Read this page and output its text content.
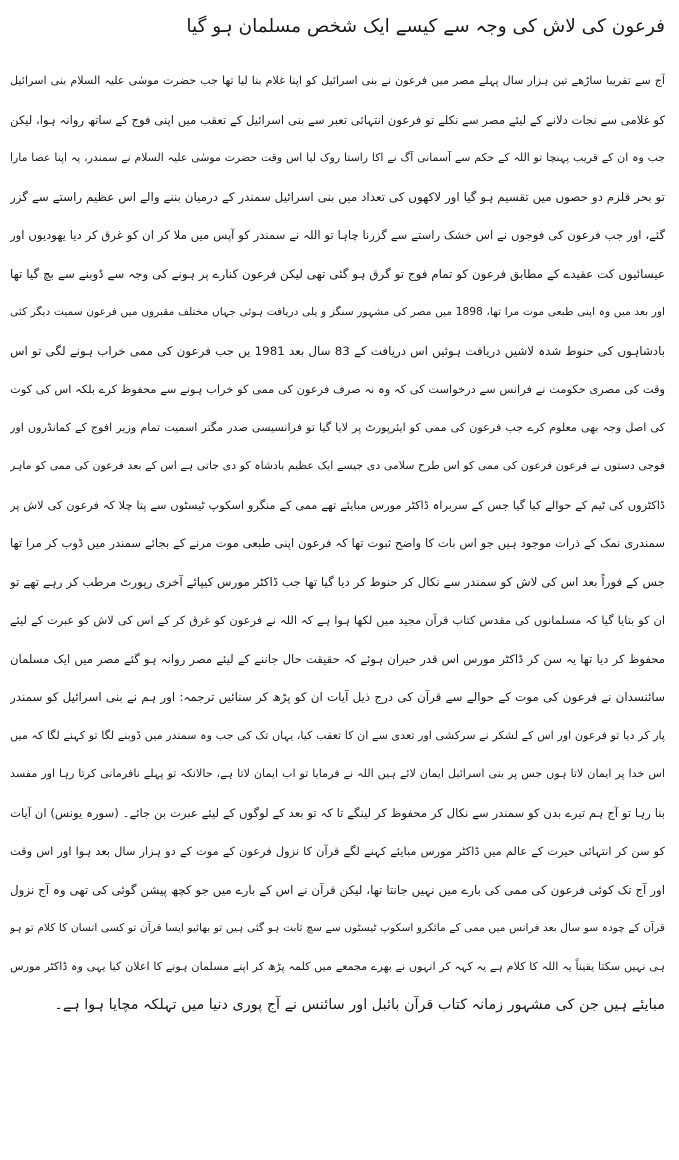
فرعون کی لاش کی وجہ سے کیسے ایک شخص مسلمان ہو گیا
آج سے تقریبا ساڑھے تین ہزار سال پہلے مصر میں فرعون نے بنی اسرائیل کو اپنا غلام بنا لیا تھا جب حضرت موسٰی علیہ السلام بنی اسرائیل
کو غلامی سے نجات دلانے کے لیئے مصر سے نکلے تو فرعون انتہائی تعبر سے بنی اسرائیل کے تعقب میں اپنی فوج کے ساتھ روانہ ہوا، لیکن
جب وہ ان کے قریب پہنچا تو اللہ کے حکم سے آسمانی آگ نے اکا راستا روک لیا اس وقت حضرت موسٰی علیہ السلام نے سمندر، پہ اپنا عصا مارا
تو بحر قلزم دو حصوں میں تقسیم ہو گیا اور لاکھوں کی تعداد میں بنی اسرائیل سمندر کے درمیان بننے والے اس عظیم راستے سے گزر
گئے، اور جب فرعون کی فوجوں نے اس خشک راستے سے گزرنا چاہا تو اللہ نے سمندر کو آپس میں ملا کر ان کو غرق کر دیا یھودیوں اور
عیسائیوں کت عقیدے کے مطابق فرعون کو تمام فوج تو گرق ہو گئی تھی لیکن فرعون کنارے پر ہونے کی وجہ سے ڈوبنے سے بچ گیا تھا
اور بعد میں وہ اپنی طبعی موت مرا تھا، 1898 میں مصر کی مشہور سنگز و یلی دریافت ہوئی جہاں مختلف مقبروں میں فرعون سمیت دیگر کئی
بادشاہوں کی حنوط شدہ لاشیں دریافت ہوئیں اس دریافت کے 83 سال بعد 1981 یں جب فرعون کی ممی خراب ہونے لگی تو اس
وقت کی مصری حکومت نے فرانس سے درخواست کی کہ وہ نہ صرف فرعون کی ممی کو خراب ہونے سے محفوظ کرے بلکہ اس کی کوت
کی اصل وجہ بھی معلوم کرے جب فرعون کی ممی کو ایئرپورٹ پر لایا گیا تو فرانسیسی صدر مگتر اسمیت تمام وزیر افوج کے کمانڈروں اور
فوجی دستوں نے فرعون فرعون کی ممی کو اس طرح سلامی دی جیسے ایک عظیم بادشاہ کو دی جاتی ہے اس کے بعد فرعون کی ممی کو ماہر
ڈاکٹروں کی ٹیم کے حوالے کیا گیا جس کے سربراہ ڈاکٹر مورس مبایئے تھے ممی کے منگرو اسکوپ ٹیسٹوں سے پتا چلا کہ فرعون کی لاش پر
سمندری نمک کے ذرات موجود ہیں جو اس بات کا واضح ثبوت تھا کہ فرعون اپنی طبعی موت مرنے کے بجائے سمندر میں ڈوب کر مرا تھا
جس کے فوراً بعد اس کی لاش کو سمندر سے نکال کر حنوط کر دیا گیا تھا جب ڈاکٹر مورس کیپائے آخری رپورٹ مرطب کر رہے تھے تو
ان کو بتایا گیا کہ مسلمانوں کی مقدس کتاب قرآن مجید میں لکھا ہوا ہے کہ اللہ نے فرعون کو غرق کر کے اس کی لاش کو عبرت کے لیئے
محفوظ کر دیا تھا یہ سن کر ڈاکٹر مورس اس قدر حیران ہوئے کہ حقیقت حال جاننے کے لیئے مصر روانہ ہو گئے مصر میں ایک مسلمان
سائنسدان نے فرعون کی موت کے حوالے سے قرآن کی درج ذیل آیات ان کو پڑھ کر سنائیں ترجمہ: اور ہم نے بنی اسرائیل کو سمندر
پار کر دیا تو فرعون اور اس کے لشکر نے سرکشی اور تعدی سے ان کا تعقب کیا، یہاں تک کی جب وہ سمندر میں ڈوبنے لگا تو کہنے لگا کہ میں
اس خدا پر ایمان لاتا ہوں جس پر بنی اسرائیل ایمان لائے ہیں اللہ نے فرمایا تو اب ایمان لاتا ہے، حالانکہ تو پہلے نافرمانی کرتا رہا اور مفسد
بنا رہا تو آج ہم تیرے بدن کو سمندر سے نکال کر محفوظ کر لینگے تا کہ تو بعد کے لوگوں کے لیئے عبرت بن جائے۔ (سورہ یونس) ان آیات
کو سن کر انتہائی حیرت کے عالم میں ڈاکٹر مورس مبایئے کہنے لگے قرآن کا نزول فرعون کے موت کے دو ہزار سال بعد ہوا اور اس وقت
اور آج تک کوئی فرعون کی ممی کی بارے میں نہیں جانتا تھا، لیکن قرآن نے اس کے بارے میں جو کچھ پیشن گوئی کی تھی وہ آج نزول
قرآن کے چودہ سو سال بعد فرانس میں ممی کے مائکرو اسکوپ ٹیسٹوں سے سچ ثابت ہو گئی ہیں تو بھائیو ایسا قرآن تو کسی انسان کا کلام تو ہو
ہی نہیں سکتا یقیناً یہ اللہ کا کلام ہے یہ کہہ کر انہوں نے بھرے مجمعے میں کلمہ پڑھ کر اپنے مسلمان ہونے کا اعلان کیا یہی وہ ڈاکٹر مورس
مبایئے ہیں جن کی مشہور زمانہ کتاب قرآن بائبل اور سائنس نے آج پوری دنیا میں تہلکہ مچایا ہوا ہے۔
